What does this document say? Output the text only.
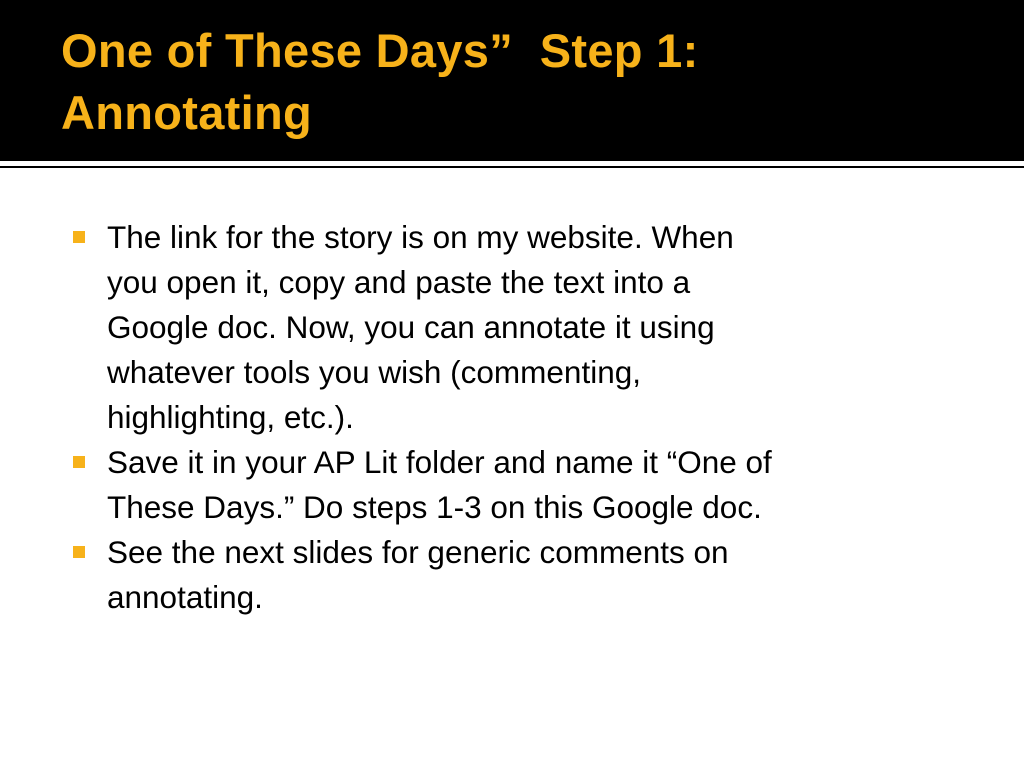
One of These Days”  Step 1:
Annotating
The link for the story is on my website. When
you open it, copy and paste the text into a
Google doc. Now, you can annotate it using
whatever tools you wish (commenting,
highlighting, etc.).
Save it in your AP Lit folder and name it “One of
These Days.” Do steps 1-3 on this Google doc.
See the next slides for generic comments on
annotating.
